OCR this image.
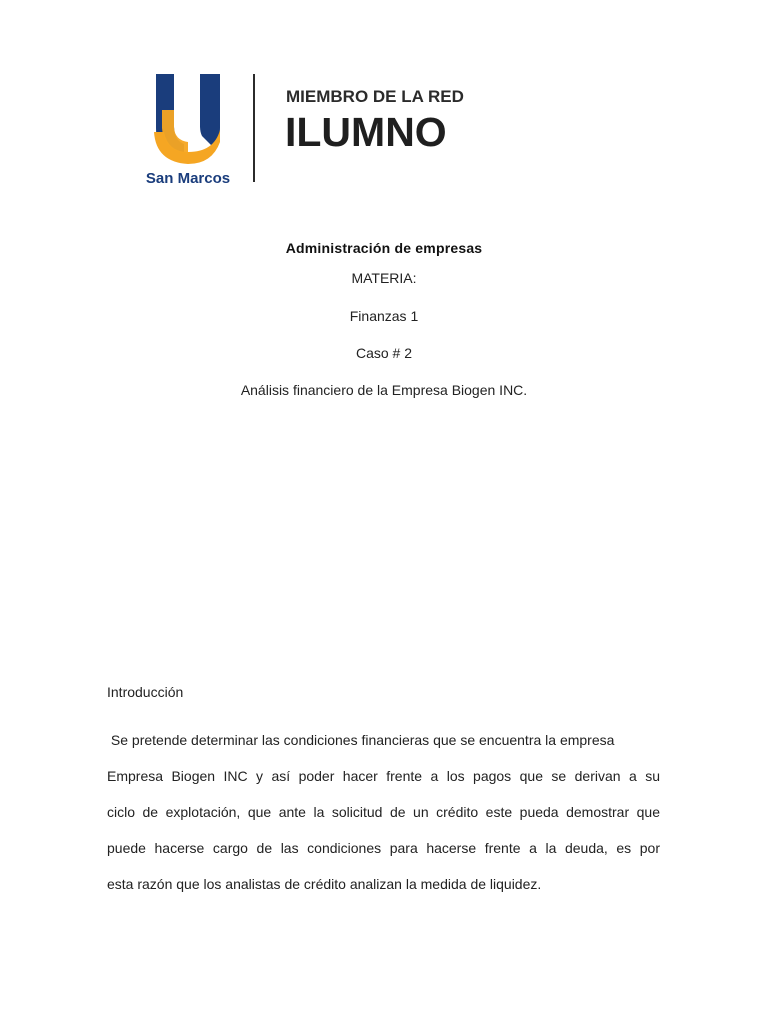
San Marcos
MIEMBRO DE LA RED
ILUMNO

Administración de empresas

MATERIA:

Finanzas 1

Caso # 2

Análisis financiero de la Empresa Biogen INC.

Introducción

Se pretende determinar las condiciones financieras que se encuentra la empresa

Empresa Biogen INC y así poder hacer frente a los pagos que se derivan a su

ciclo de explotación, que ante la solicitud de un crédito este pueda demostrar que

puede hacerse cargo de las condiciones para hacerse frente a la deuda, es por

esta razón que los analistas de crédito analizan la medida de liquidez.
